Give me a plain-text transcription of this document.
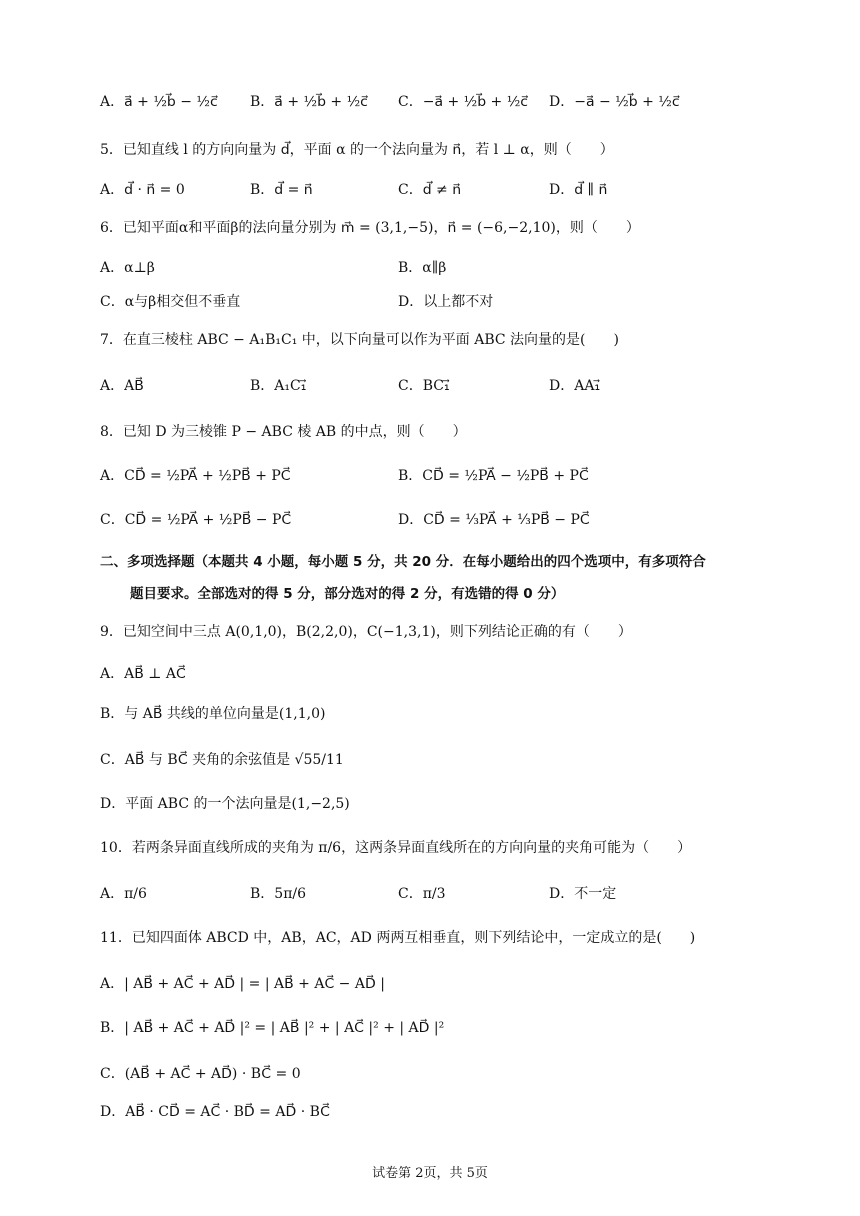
A．a⃗ + ½b⃗ − ½c⃗ B．a⃗ + ½b⃗ + ½c⃗ C．−a⃗ + ½b⃗ + ½c⃗ D．−a⃗ − ½b⃗ + ½c⃗
5．已知直线 l 的方向向量为 d⃗，平面 α 的一个法向量为 n⃗，若 l ⊥ α，则（　　）
A．d⃗ · n⃗ = 0	B．d⃗ = n⃗	C．d⃗ ≠ n⃗	D．d⃗ ∥ n⃗
6．已知平面α和平面β的法向量分别为 m⃗ = (3,1,−5)，n⃗ = (−6,−2,10)，则（　　）
A．α⊥β	B．α∥β
C．α与β相交但不垂直	D．以上都不对
7．在直三棱柱 ABC − A₁B₁C₁ 中，以下向量可以作为平面 ABC 法向量的是(　　)
A．AB⃗	B．A₁C₁⃗	C．BC₁⃗	D．AA₁⃗
8．已知 D 为三棱锥 P − ABC 棱 AB 的中点，则（　　）
A．CD⃗ = ½PA⃗ + ½PB⃗ + PC⃗	B．CD⃗ = ½PA⃗ − ½PB⃗ + PC⃗
C．CD⃗ = ½PA⃗ + ½PB⃗ − PC⃗	D．CD⃗ = ⅓PA⃗ + ⅓PB⃗ − PC⃗
二、多项选择题（本题共 4 小题，每小题 5 分，共 20 分．在每小题给出的四个选项中，有多项符合
题目要求。全部选对的得 5 分，部分选对的得 2 分，有选错的得 0 分）
9．已知空间中三点 A(0,1,0)，B(2,2,0)，C(−1,3,1)，则下列结论正确的有（　　）
A．AB⃗ ⊥ AC⃗
B．与 AB⃗ 共线的单位向量是(1,1,0)
C．AB⃗ 与 BC⃗ 夹角的余弦值是 √55/11
D．平面 ABC 的一个法向量是(1,−2,5)
10．若两条异面直线所成的夹角为 π/6，这两条异面直线所在的方向向量的夹角可能为（　　）
A．π/6	B．5π/6	C．π/3	D．不一定
11．已知四面体 ABCD 中，AB，AC，AD 两两互相垂直，则下列结论中，一定成立的是(　　)
A．| AB⃗ + AC⃗ + AD⃗ | = | AB⃗ + AC⃗ − AD⃗ |
B．| AB⃗ + AC⃗ + AD⃗ |² = | AB⃗ |² + | AC⃗ |² + | AD⃗ |²
C．(AB⃗ + AC⃗ + AD⃗) · BC⃗ = 0
D．AB⃗ · CD⃗ = AC⃗ · BD⃗ = AD⃗ · BC⃗
试卷第 2页，共 5页
